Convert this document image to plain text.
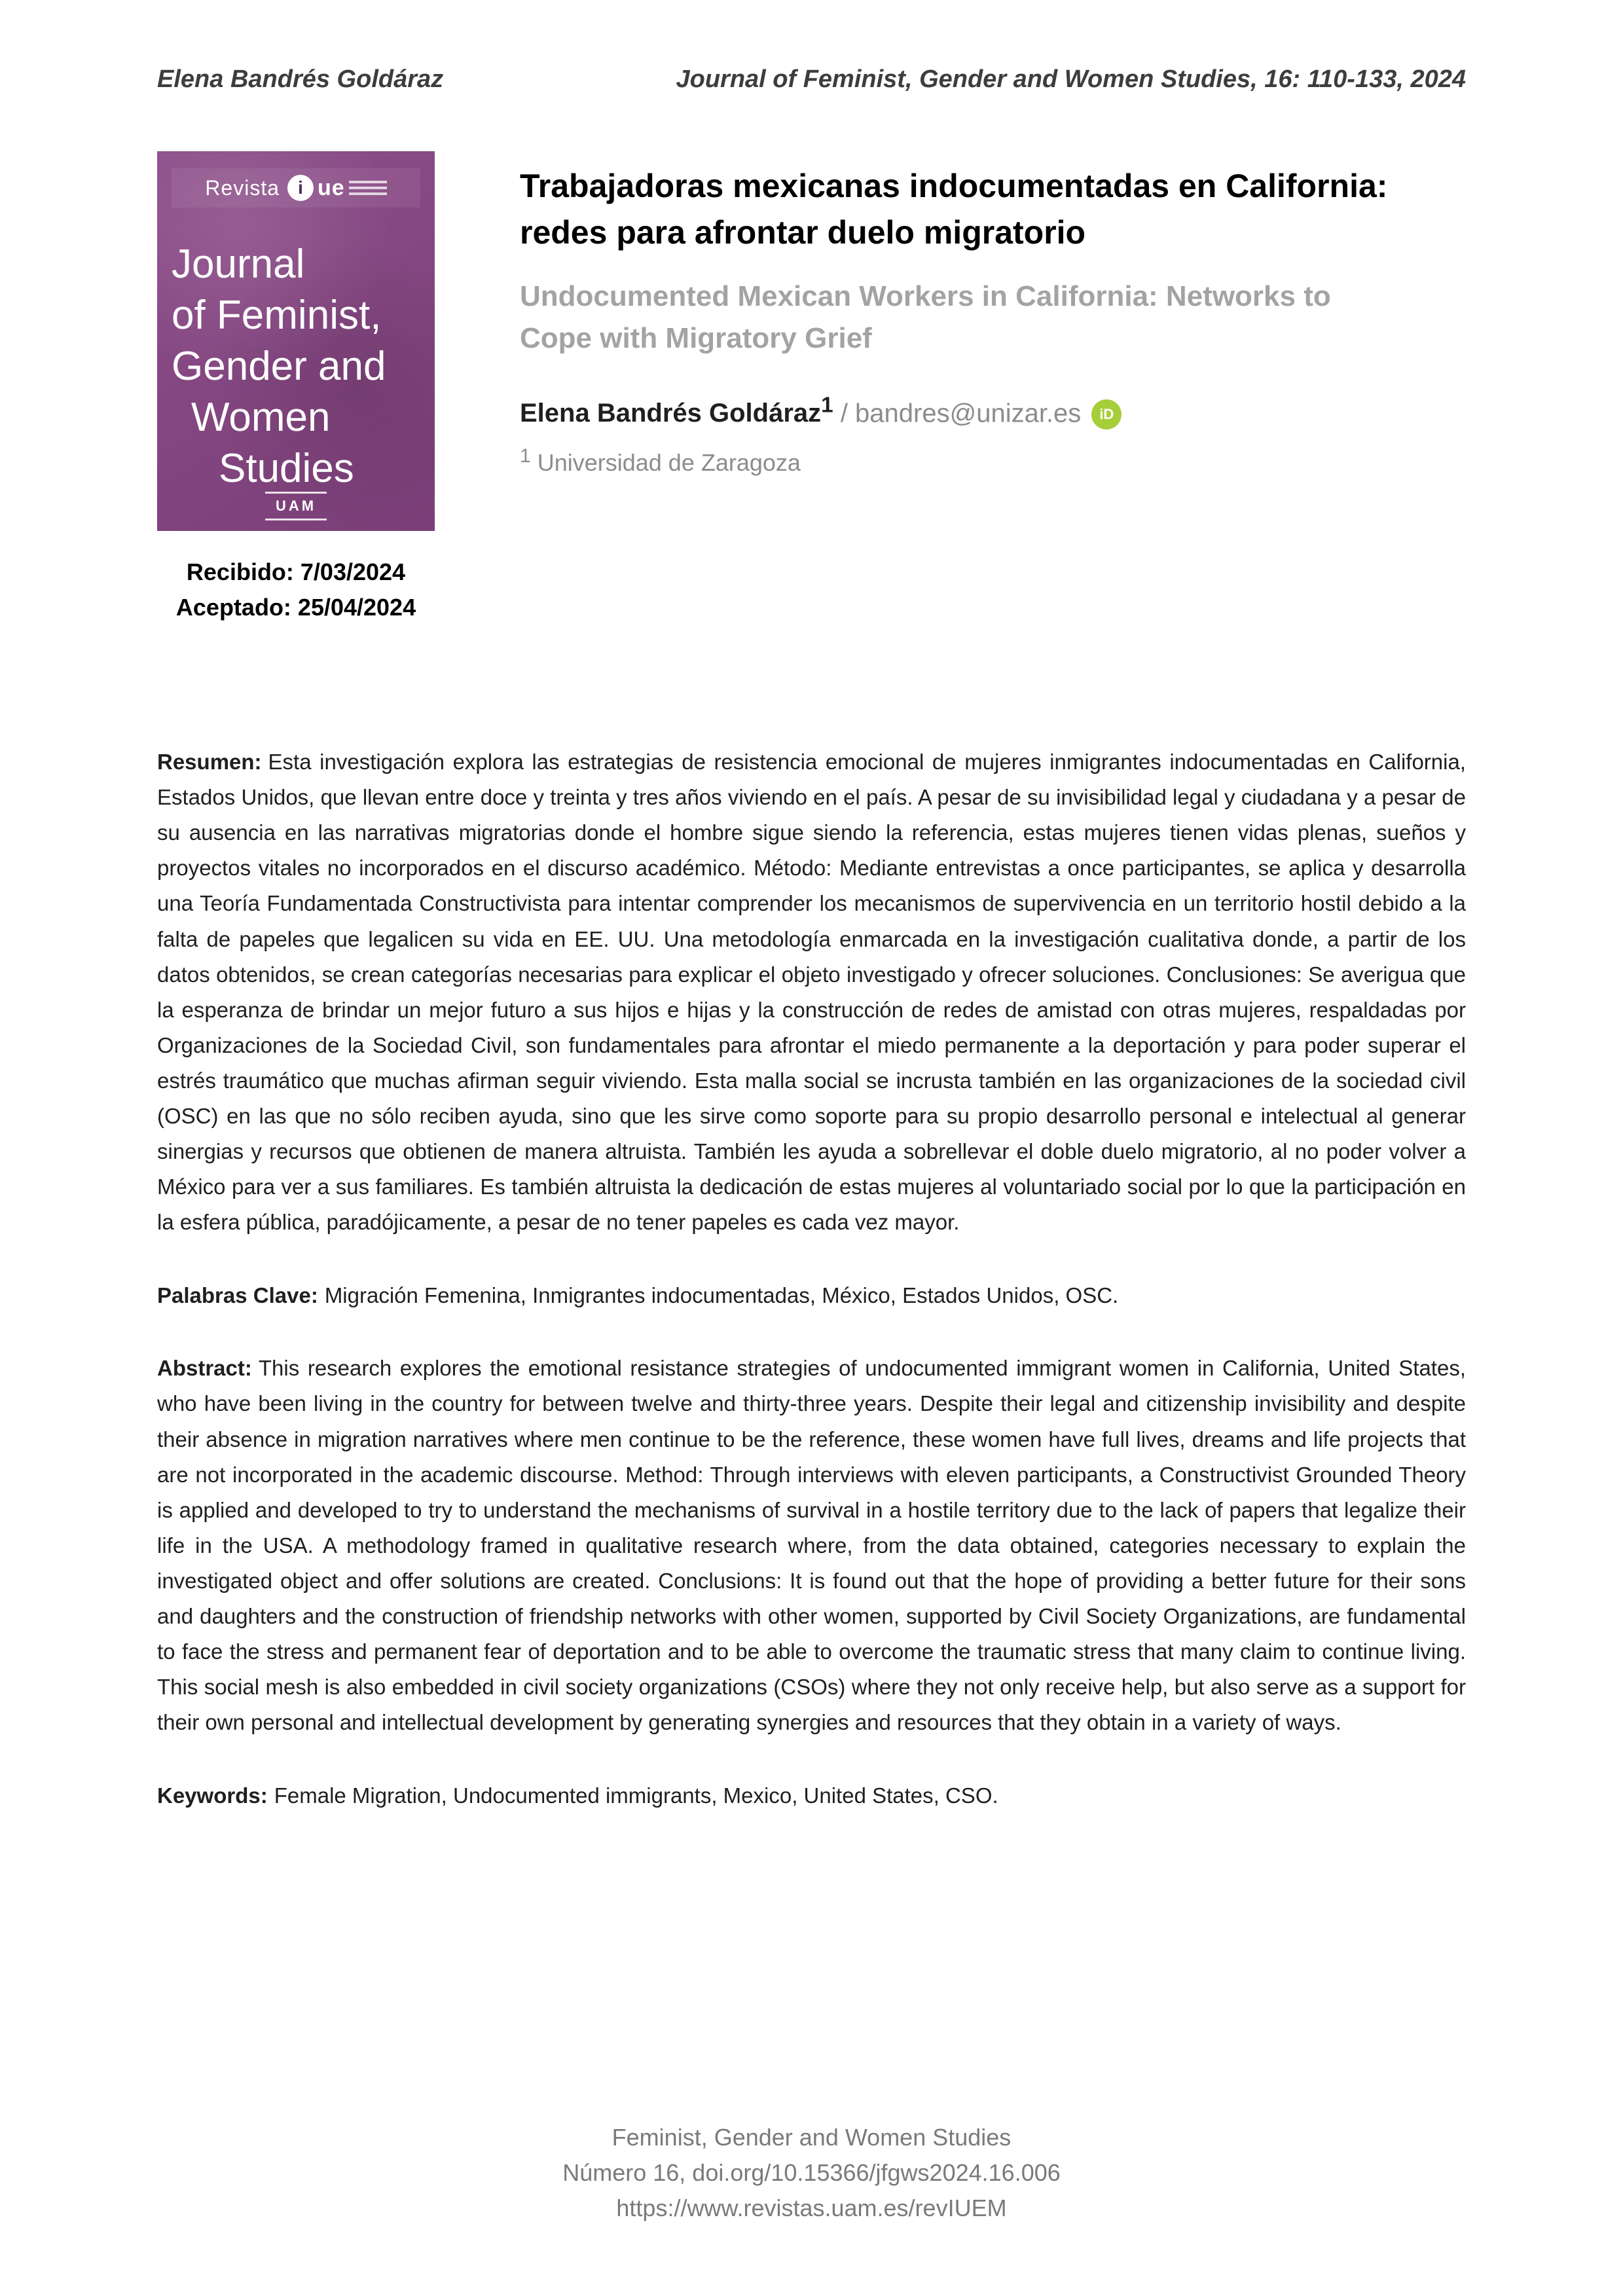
Elena Bandrés Goldáraz	Journal of Feminist, Gender and Women Studies, 16: 110-133, 2024
Revista	i ue
Journal
of Feminist,
Gender and
Women
Studies
UAM
Recibido: 7/03/2024
Aceptado: 25/04/2024
Trabajadoras mexicanas indocumentadas en California: redes para afrontar duelo migratorio
Undocumented Mexican Workers in California: Networks to Cope with Migratory Grief
Elena Bandrés Goldáraz$^1$ / bandres@unizar.es iD
$^1$ Universidad de Zaragoza

Resumen: Esta investigación explora las estrategias de resistencia emocional de mujeres inmigrantes indocumentadas en California, Estados Unidos, que llevan entre doce y treinta y tres años viviendo en el país. A pesar de su invisibilidad legal y ciudadana y a pesar de su ausencia en las narrativas migratorias donde el hombre sigue siendo la referencia, estas mujeres tienen vidas plenas, sueños y proyectos vitales no incorporados en el discurso académico. Método: Mediante entrevistas a once participantes, se aplica y desarrolla una Teoría Fundamentada Constructivista para intentar comprender los mecanismos de supervivencia en un territorio hostil debido a la falta de papeles que legalicen su vida en EE. UU. Una metodología enmarcada en la investigación cualitativa donde, a partir de los datos obtenidos, se crean categorías necesarias para explicar el objeto investigado y ofrecer soluciones. Conclusiones: Se averigua que la esperanza de brindar un mejor futuro a sus hijos e hijas y la construcción de redes de amistad con otras mujeres, respaldadas por Organizaciones de la Sociedad Civil, son fundamentales para afrontar el miedo permanente a la deportación y para poder superar el estrés traumático que muchas afirman seguir viviendo. Esta malla social se incrusta también en las organizaciones de la sociedad civil (OSC) en las que no sólo reciben ayuda, sino que les sirve como soporte para su propio desarrollo personal e intelectual al generar sinergias y recursos que obtienen de manera altruista. También les ayuda a sobrellevar el doble duelo migratorio, al no poder volver a México para ver a sus familiares. Es también altruista la dedicación de estas mujeres al voluntariado social por lo que la participación en la esfera pública, paradójicamente, a pesar de no tener papeles es cada vez mayor.

Palabras Clave: Migración Femenina, Inmigrantes indocumentadas, México, Estados Unidos, OSC.

Abstract: This research explores the emotional resistance strategies of undocumented immigrant women in California, United States, who have been living in the country for between twelve and thirty-three years. Despite their legal and citizenship invisibility and despite their absence in migration narratives where men continue to be the reference, these women have full lives, dreams and life projects that are not incorporated in the academic discourse. Method: Through interviews with eleven participants, a Constructivist Grounded Theory is applied and developed to try to understand the mechanisms of survival in a hostile territory due to the lack of papers that legalize their life in the USA. A methodology framed in qualitative research where, from the data obtained, categories necessary to explain the investigated object and offer solutions are created. Conclusions: It is found out that the hope of providing a better future for their sons and daughters and the construction of friendship networks with other women, supported by Civil Society Organizations, are fundamental to face the stress and permanent fear of deportation and to be able to overcome the traumatic stress that many claim to continue living. This social mesh is also embedded in civil society organizations (CSOs) where they not only receive help, but also serve as a support for their own personal and intellectual development by generating synergies and resources that they obtain in a variety of ways.

Keywords: Female Migration, Undocumented immigrants, Mexico, United States, CSO.

Feminist, Gender and Women Studies
Número 16, doi.org/10.15366/jfgws2024.16.006
https://www.revistas.uam.es/revIUEM
